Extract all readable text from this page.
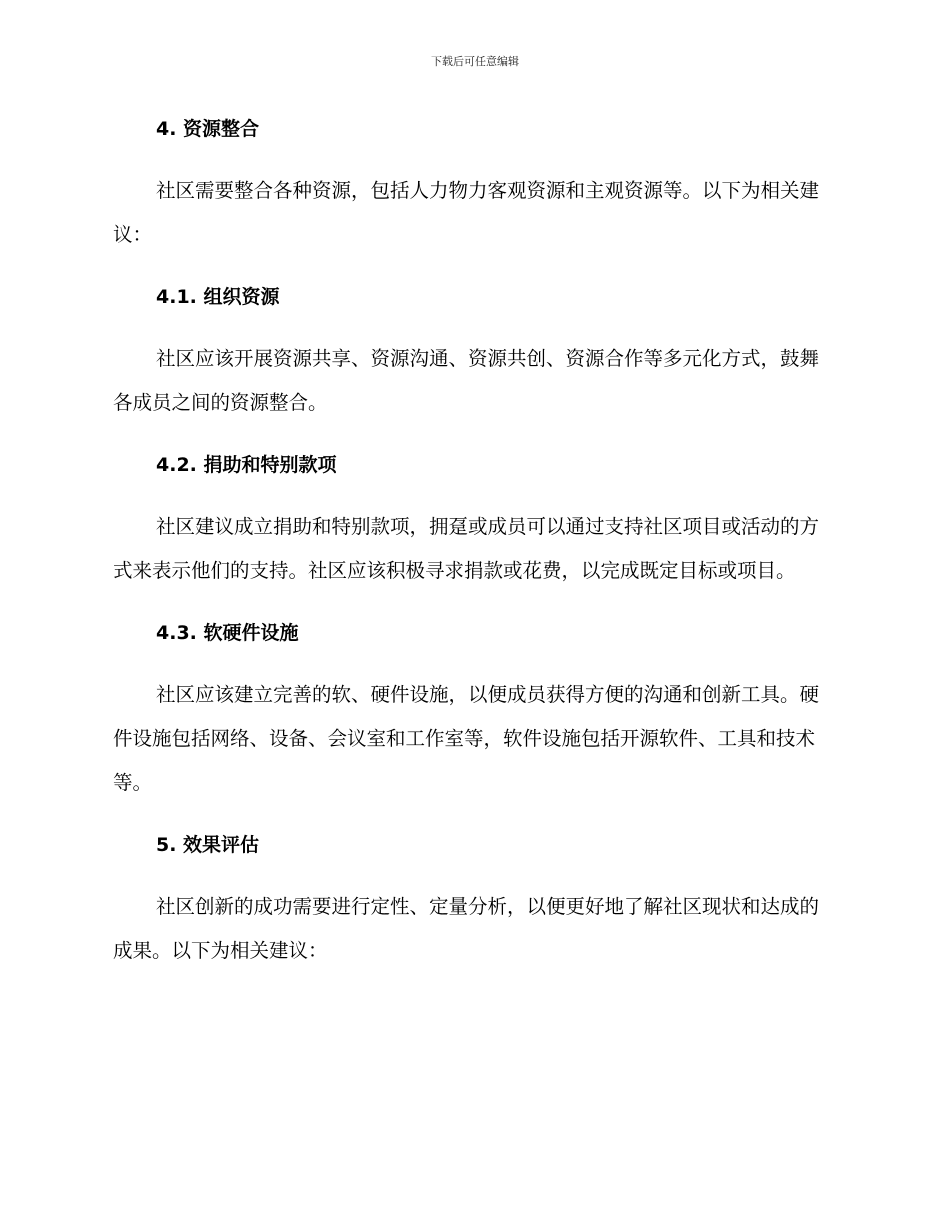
下载后可任意编辑
4. 资源整合

社区需要整合各种资源，包括人力物力客观资源和主观资源等。以下为相关建议：

4.1. 组织资源

社区应该开展资源共享、资源沟通、资源共创、资源合作等多元化方式，鼓舞各成员之间的资源整合。

4.2. 捐助和特别款项

社区建议成立捐助和特别款项，拥趸或成员可以通过支持社区项目或活动的方式来表示他们的支持。社区应该积极寻求捐款或花费，以完成既定目标或项目。

4.3. 软硬件设施

社区应该建立完善的软、硬件设施，以便成员获得方便的沟通和创新工具。硬件设施包括网络、设备、会议室和工作室等，软件设施包括开源软件、工具和技术等。

5. 效果评估

社区创新的成功需要进行定性、定量分析，以便更好地了解社区现状和达成的成果。以下为相关建议：
